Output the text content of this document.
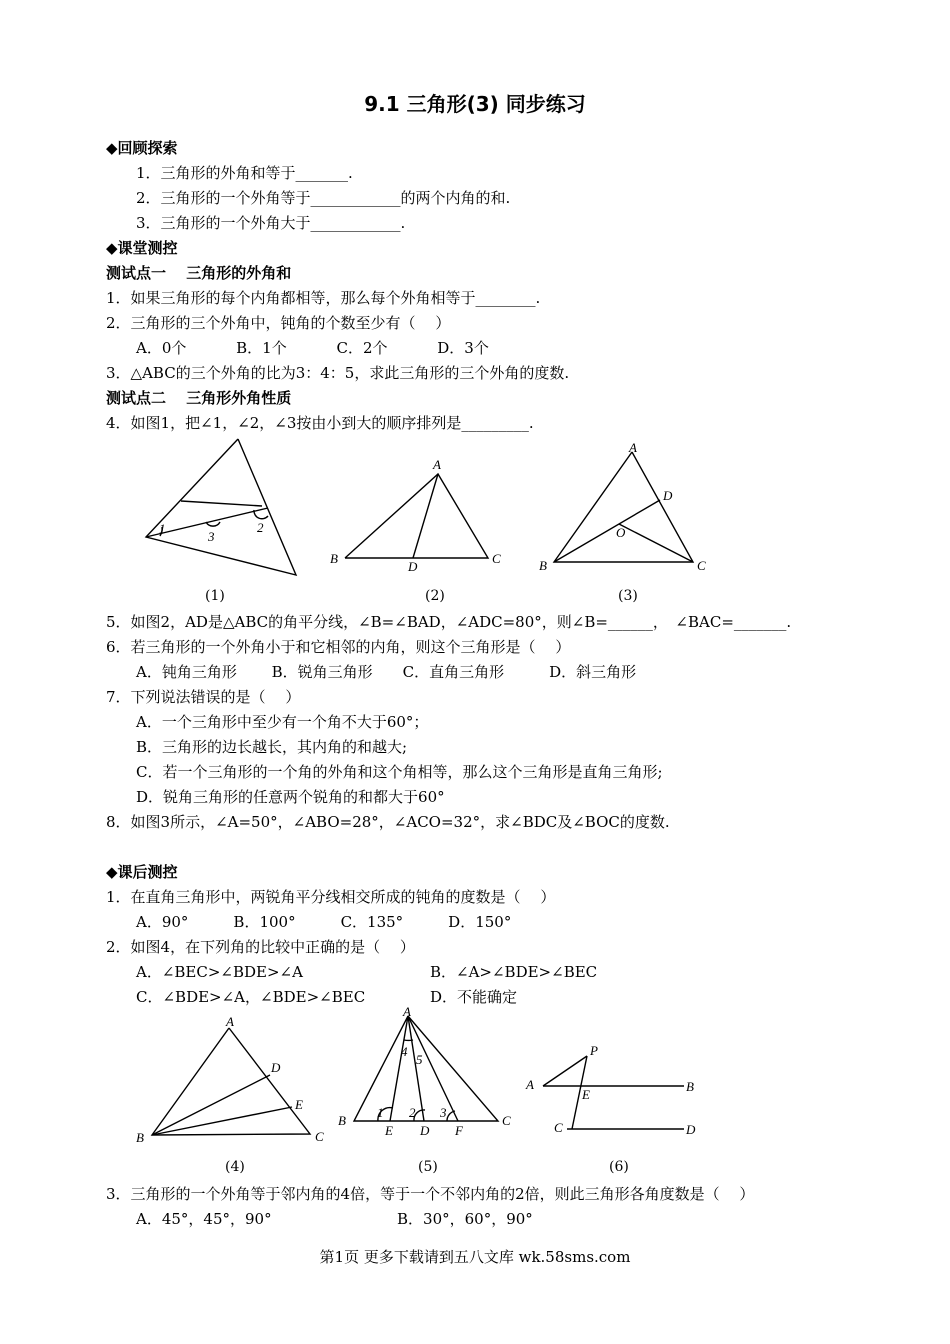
9.1 三角形(3) 同步练习
◆回顾探索
1．三角形的外角和等于_______.
2．三角形的一个外角等于____________的两个内角的和.
3．三角形的一个外角大于____________.
◆课堂测控
测试点一　 三角形的外角和
1．如果三角形的每个内角都相等，那么每个外角相等于________.
2．三角形的三个外角中，钝角的个数至少有（　 ）
A．0个　　　 B．1个　　　 C．2个　　　 D．3个
3．△ABC的三个外角的比为3：4：5，求此三角形的三个外角的度数.
测试点二　 三角形外角性质
4．如图1，把∠1，∠2，∠3按由小到大的顺序排列是_________.
1	2
3
(1)
A
B	C
D
(2)
A
B	C
D
O
(3)
5．如图2，AD是△ABC的角平分线，∠B=∠BAD，∠ADC=80°，则∠B=______，　∠BAC=_______.
6．若三角形的一个外角小于和它相邻的内角，则这个三角形是（　 ）
A．钝角三角形　　 B．锐角三角形　　C．直角三角形　　　D．斜三角形
7．下列说法错误的是（　 ）
A．一个三角形中至少有一个角不大于60°；
B．三角形的边长越长，其内角的和越大;
C．若一个三角形的一个角的外角和这个角相等，那么这个三角形是直角三角形;
D．锐角三角形的任意两个锐角的和都大于60°
8．如图3所示，∠A=50°，∠ABO=28°，∠ACO=32°，求∠BDC及∠BOC的度数.
◆课后测控
1．在直角三角形中，两锐角平分线相交所成的钝角的度数是（　 ）
A．90°　　　B．100°　　　C．135°　　　D．150°
2．如图4，在下列角的比较中正确的是（　 ）
A．∠BEC>∠BDE>∠A	B．∠A>∠BDE>∠BEC
C．∠BDE>∠A，∠BDE>∠BEC	D．不能确定
A
B	C
D
E
(4)
A
B	C
E D F
1 2 3
4
5
(5)
P
A	B
E
C	D
(6)
3．三角形的一个外角等于邻内角的4倍，等于一个不邻内角的2倍，则此三角形各角度数是（　 ）
A．45°，45°，90°	B．30°，60°，90°
第1页 更多下载请到五八文库 wk.58sms.com
